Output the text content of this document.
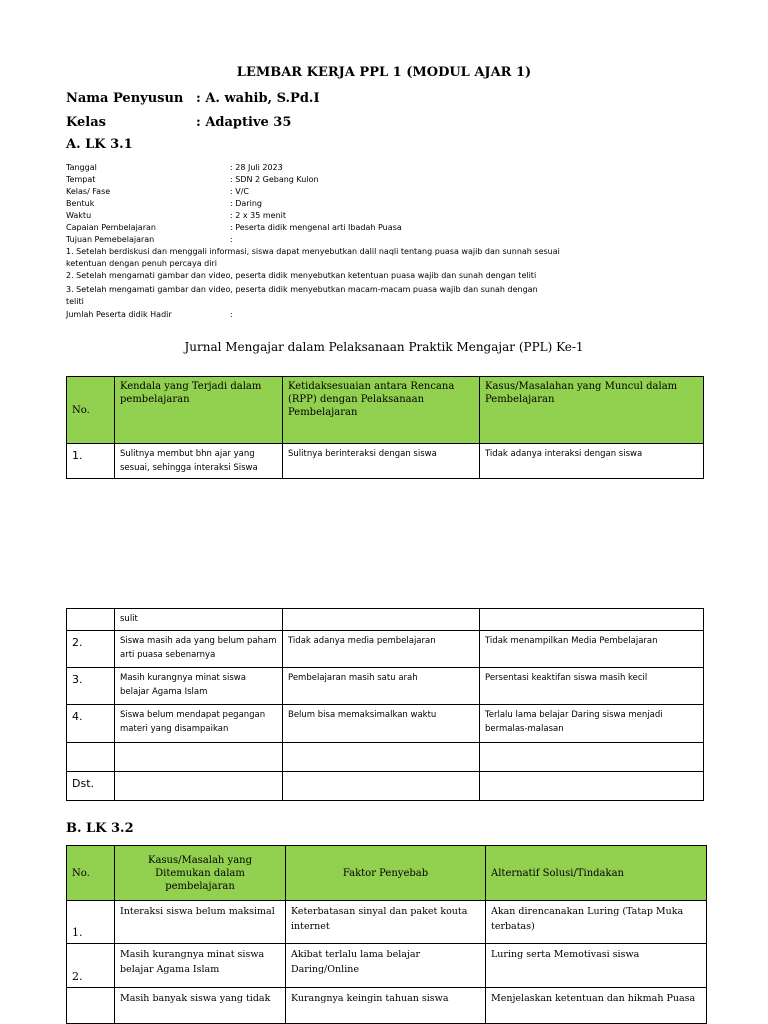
LEMBAR KERJA PPL 1 (MODUL AJAR 1)
Nama Penyusun : A. wahib, S.Pd.I
Kelas	: Adaptive 35
A. LK 3.1
Tanggal	: 28 Juli 2023
Tempat	: SDN 2 Gebang Kulon
Kelas/ Fase	: V/C
Bentuk	: Daring
Waktu	: 2 x 35 menit
Capaian Pembelajaran	: Peserta didik mengenal arti Ibadah Puasa
Tujuan Pemebelajaran	:
1. Setelah berdiskusi dan menggali informasi, siswa dapat menyebutkan dalil naqli tentang puasa wajib dan sunnah sesuai ketentuan dengan penuh percaya diri
2. Setelah mengamati gambar dan video, peserta didik menyebutkan ketentuan puasa wajib dan sunah dengan teliti
3. Setelah mengamati gambar dan video, peserta didik menyebutkan macam-macam puasa wajib dan sunah dengan teliti
Jumlah Peserta didik Hadir	:
Jurnal Mengajar dalam Pelaksanaan Praktik Mengajar (PPL) Ke-1
No.	Kendala yang Terjadi dalam pembelajaran	Ketidaksesuaian antara Rencana (RPP) dengan Pelaksanaan Pembelajaran	Kasus/Masalahan yang Muncul dalam Pembelajaran
1.	Sulitnya membut bhn ajar yang sesuai, sehingga interaksi Siswa	Sulitnya berinteraksi dengan siswa	Tidak adanya interaksi dengan siswa
	sulit		
2.	Siswa masih ada yang belum paham arti puasa sebenarnya	Tidak adanya media pembelajaran	Tidak menampilkan Media Pembelajaran
3.	Masih kurangnya minat siswa belajar Agama Islam	Pembelajaran masih satu arah	Persentasi keaktifan siswa masih kecil
4.	Siswa belum mendapat pegangan materi yang disampaikan	Belum bisa memaksimalkan waktu	Terlalu lama belajar Daring siswa menjadi bermalas-malasan

Dst.			
B. LK 3.2
No.	Kasus/Masalah yang Ditemukan dalam pembelajaran	Faktor Penyebab	Alternatif Solusi/Tindakan
1.	Interaksi siswa belum maksimal	Keterbatasan sinyal dan paket kouta internet	Akan direncanakan Luring (Tatap Muka terbatas)
2.	Masih kurangnya minat siswa belajar Agama Islam	Akibat terlalu lama belajar Daring/Online	Luring serta Memotivasi siswa
	Masih banyak siswa yang tidak	Kurangnya keingin tahuan siswa	Menjelaskan ketentuan dan hikmah Puasa
